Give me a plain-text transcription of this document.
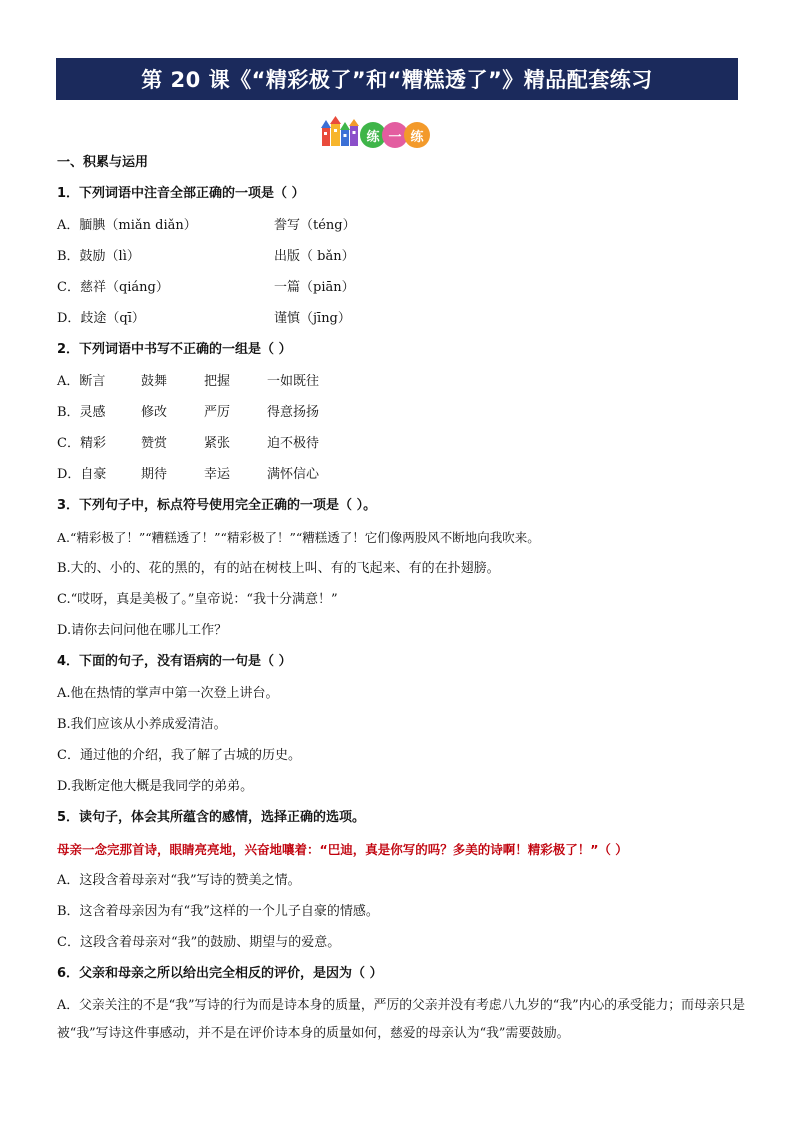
第 20 课《“精彩极了”和“糟糕透了”》精品配套练习
练 一 练
一、积累与运用
1．下列词语中注音全部正确的一项是（ ）
A．腼腆（miǎn diǎn）	誊写（téng）
B．鼓励（lì）	出版（ bǎn）
C．慈祥（qiáng）	一篇（piān）
D．歧途（qī）	谨慎（jīng）
2．下列词语中书写不正确的一组是（ ）
A．断言	鼓舞	把握	一如既往
B．灵感	修改	严厉	得意扬扬
C．精彩	赞赏	紧张	迫不极待
D．自豪	期待	幸运	满怀信心
3．下列句子中，标点符号使用完全正确的一项是（ ）。
A.“精彩极了！”“糟糕透了！”“精彩极了！”“糟糕透了！它们像两股风不断地向我吹来。
B.大的、小的、花的黑的，有的站在树枝上叫、有的飞起来、有的在扑翅膀。
C.“哎呀，真是美极了。”皇帝说：“我十分满意！”
D.请你去问问他在哪儿工作？
4．下面的句子，没有语病的一句是（ ）
A.他在热情的掌声中第一次登上讲台。
B.我们应该从小养成爱清洁。
C．通过他的介绍，我了解了古城的历史。
D.我断定他大概是我同学的弟弟。
5．读句子，体会其所蕴含的感情，选择正确的选项。
母亲一念完那首诗，眼睛亮亮地，兴奋地嚷着：“巴迪，真是你写的吗？多美的诗啊！精彩极了！”（ ）
A．这段含着母亲对“我”写诗的赞美之情。
B．这含着母亲因为有“我”这样的一个儿子自豪的情感。
C．这段含着母亲对“我”的鼓励、期望与的爱意。
6．父亲和母亲之所以给出完全相反的评价，是因为（ ）
A．父亲关注的不是“我”写诗的行为而是诗本身的质量，严厉的父亲并没有考虑八九岁的“我”内心的承受能力；而母亲只是被“我”写诗这件事感动，并不是在评价诗本身的质量如何，慈爱的母亲认为“我”需要鼓励。
